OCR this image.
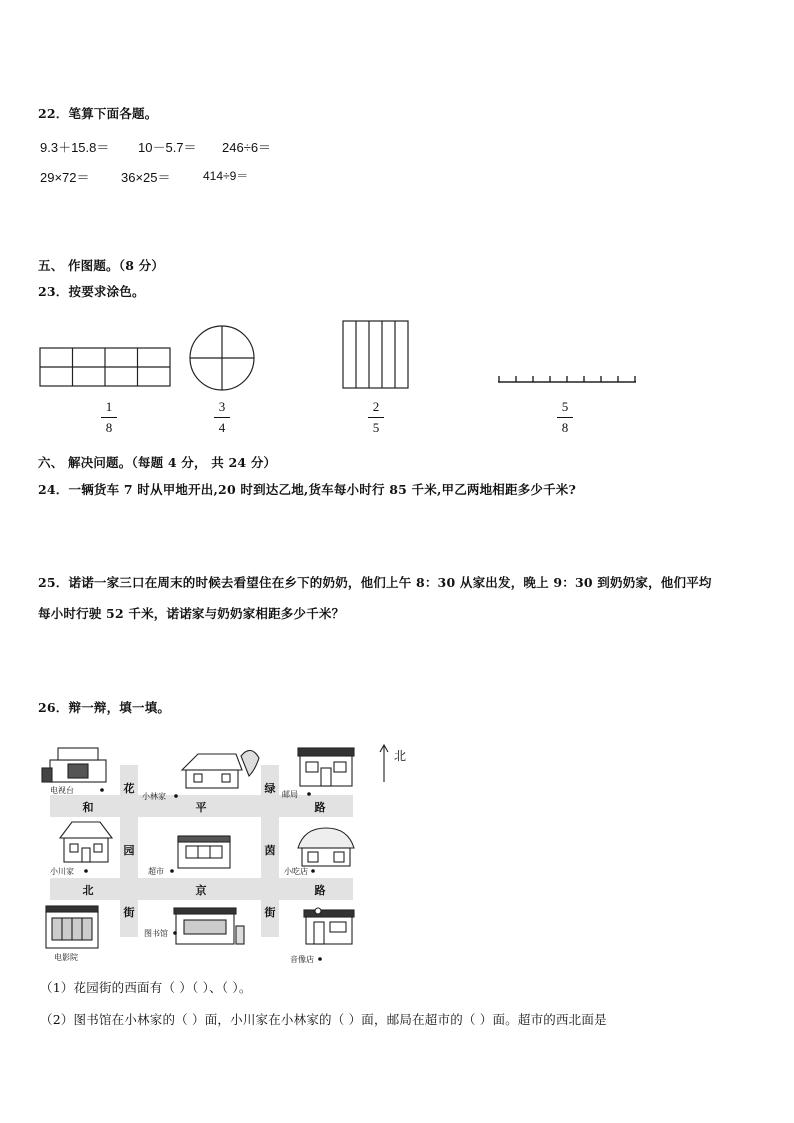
22．笔算下面各题。
9.3＋15.8＝ 10－5.7＝ 246÷6＝
29×72＝ 36×25＝	414÷9＝
五、 作图题。（8 分）
23．按要求涂色。
1
8
3
4
2
5
5
8
六、 解决问题。（每题 4 分， 共 24 分）
24．一辆货车 7 时从甲地开出,20 时到达乙地,货车每小时行 85 千米,甲乙两地相距多少千米?
25．诺诺一家三口在周末的时候去看望住在乡下的奶奶，他们上午 8：30 从家出发，晚上 9：30 到奶奶家，他们平均
每小时行驶 52 千米，诺诺家与奶奶家相距多少千米？
26．辩一辩，填一填。
和	平	路
北	京	路
花
园
街
绿
茵
街
电视台
小林家	邮局
小川家	超市	小吃店
电影院
图书馆
音像店
北
（1）花园街的西面有（ ）（ ）、（ ）。
（2）图书馆在小林家的（ ）面，小川家在小林家的（ ）面，邮局在超市的（ ）面。超市的西北面是
